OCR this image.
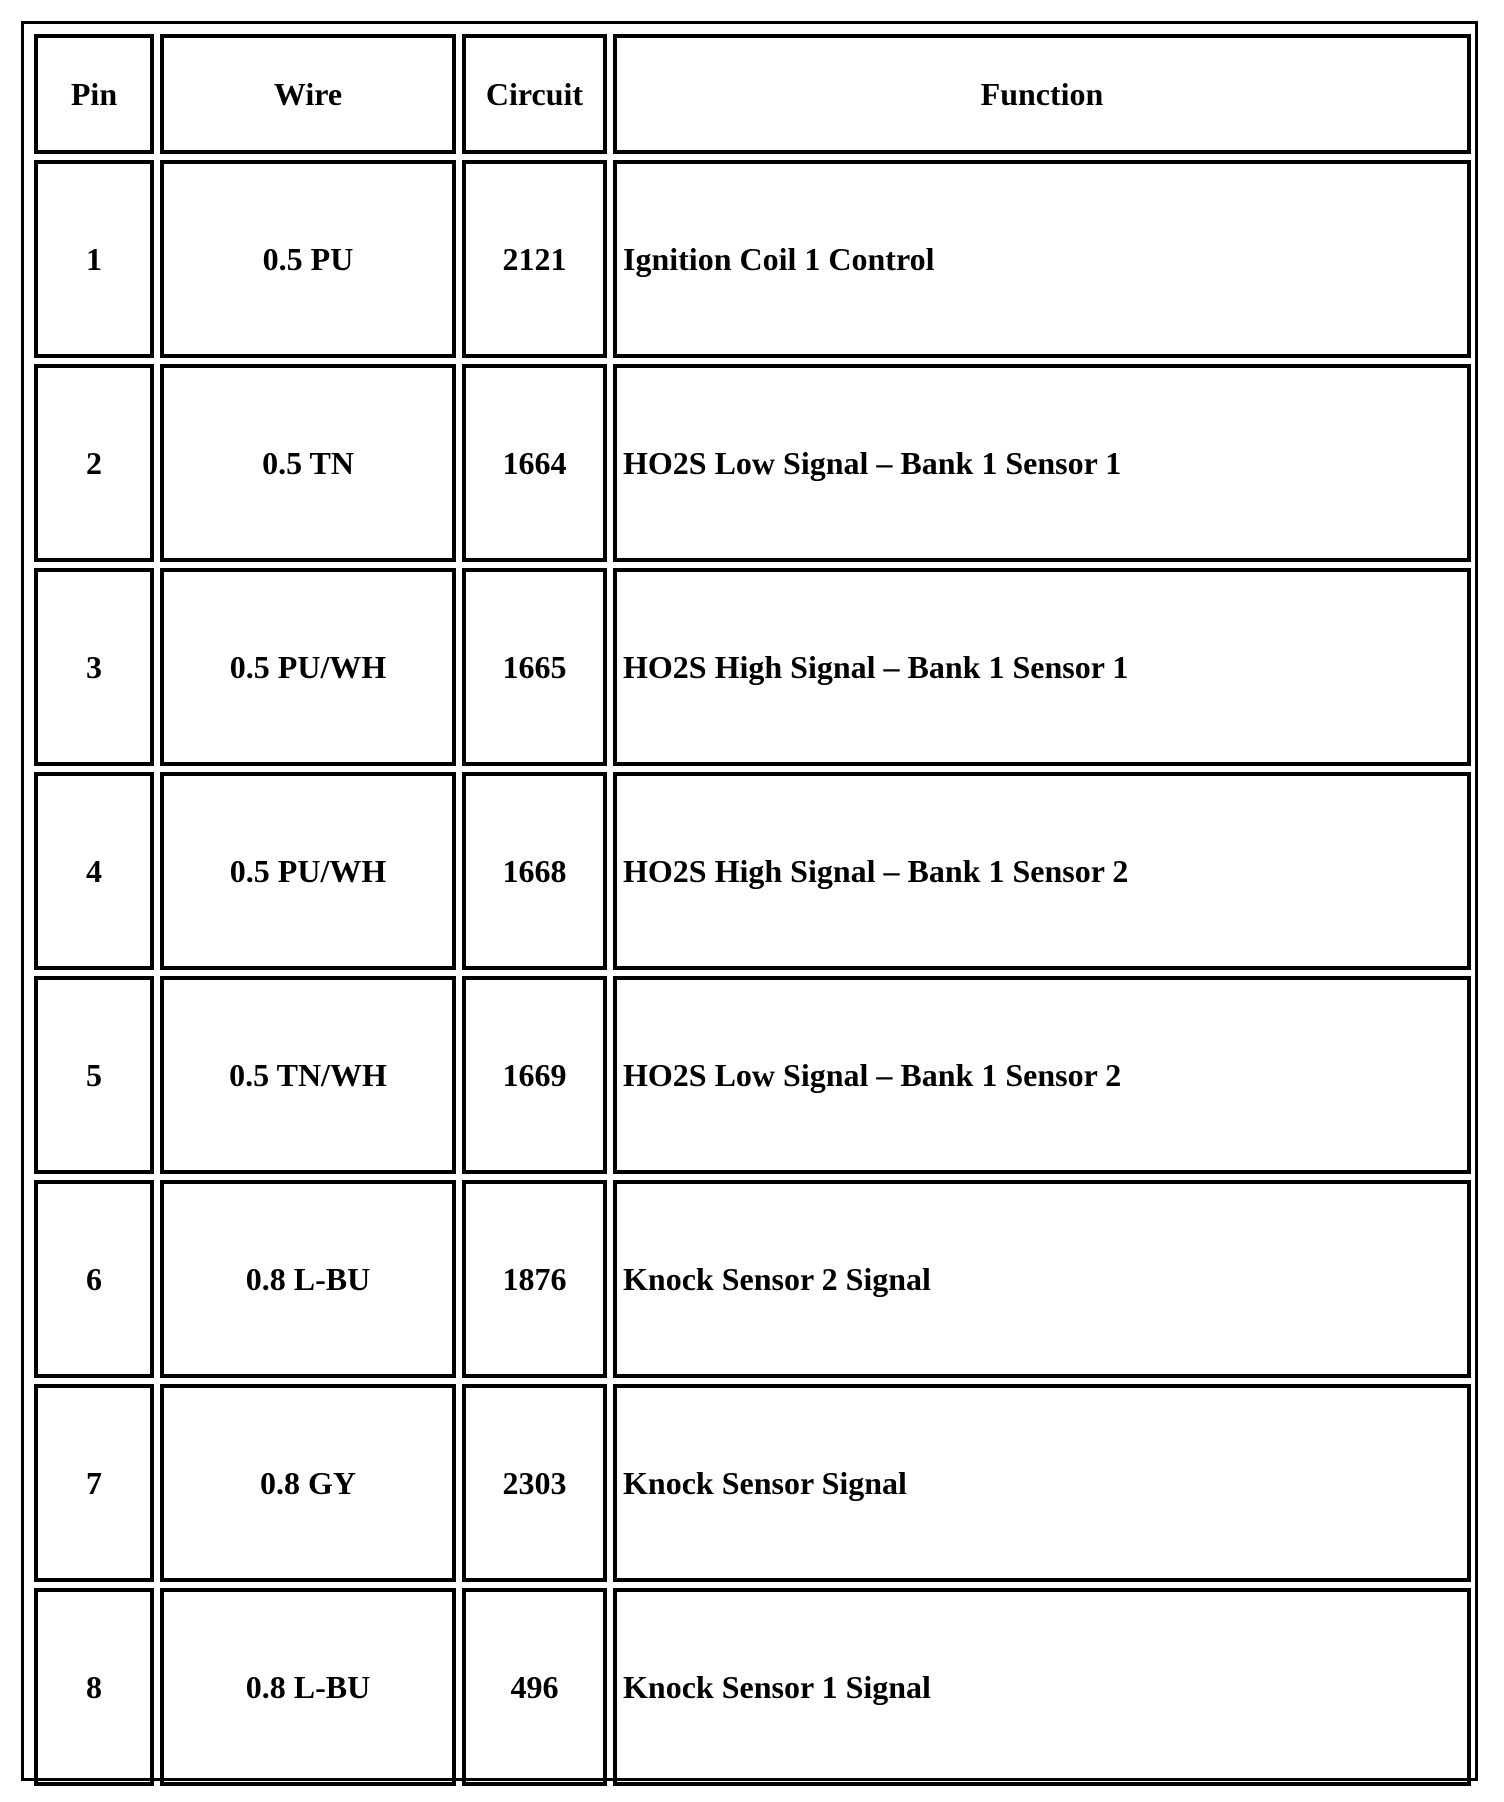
Pin	Wire	Circuit	Function
1	0.5 PU	2121	Ignition Coil 1 Control
2	0.5 TN	1664	HO2S Low Signal – Bank 1 Sensor 1
3	0.5 PU/WH	1665	HO2S High Signal – Bank 1 Sensor 1
4	0.5 PU/WH	1668	HO2S High Signal – Bank 1 Sensor 2
5	0.5 TN/WH	1669	HO2S Low Signal – Bank 1 Sensor 2
6	0.8 L-BU	1876	Knock Sensor 2 Signal
7	0.8 GY	2303	Knock Sensor Signal
8	0.8 L-BU	496	Knock Sensor 1 Signal
